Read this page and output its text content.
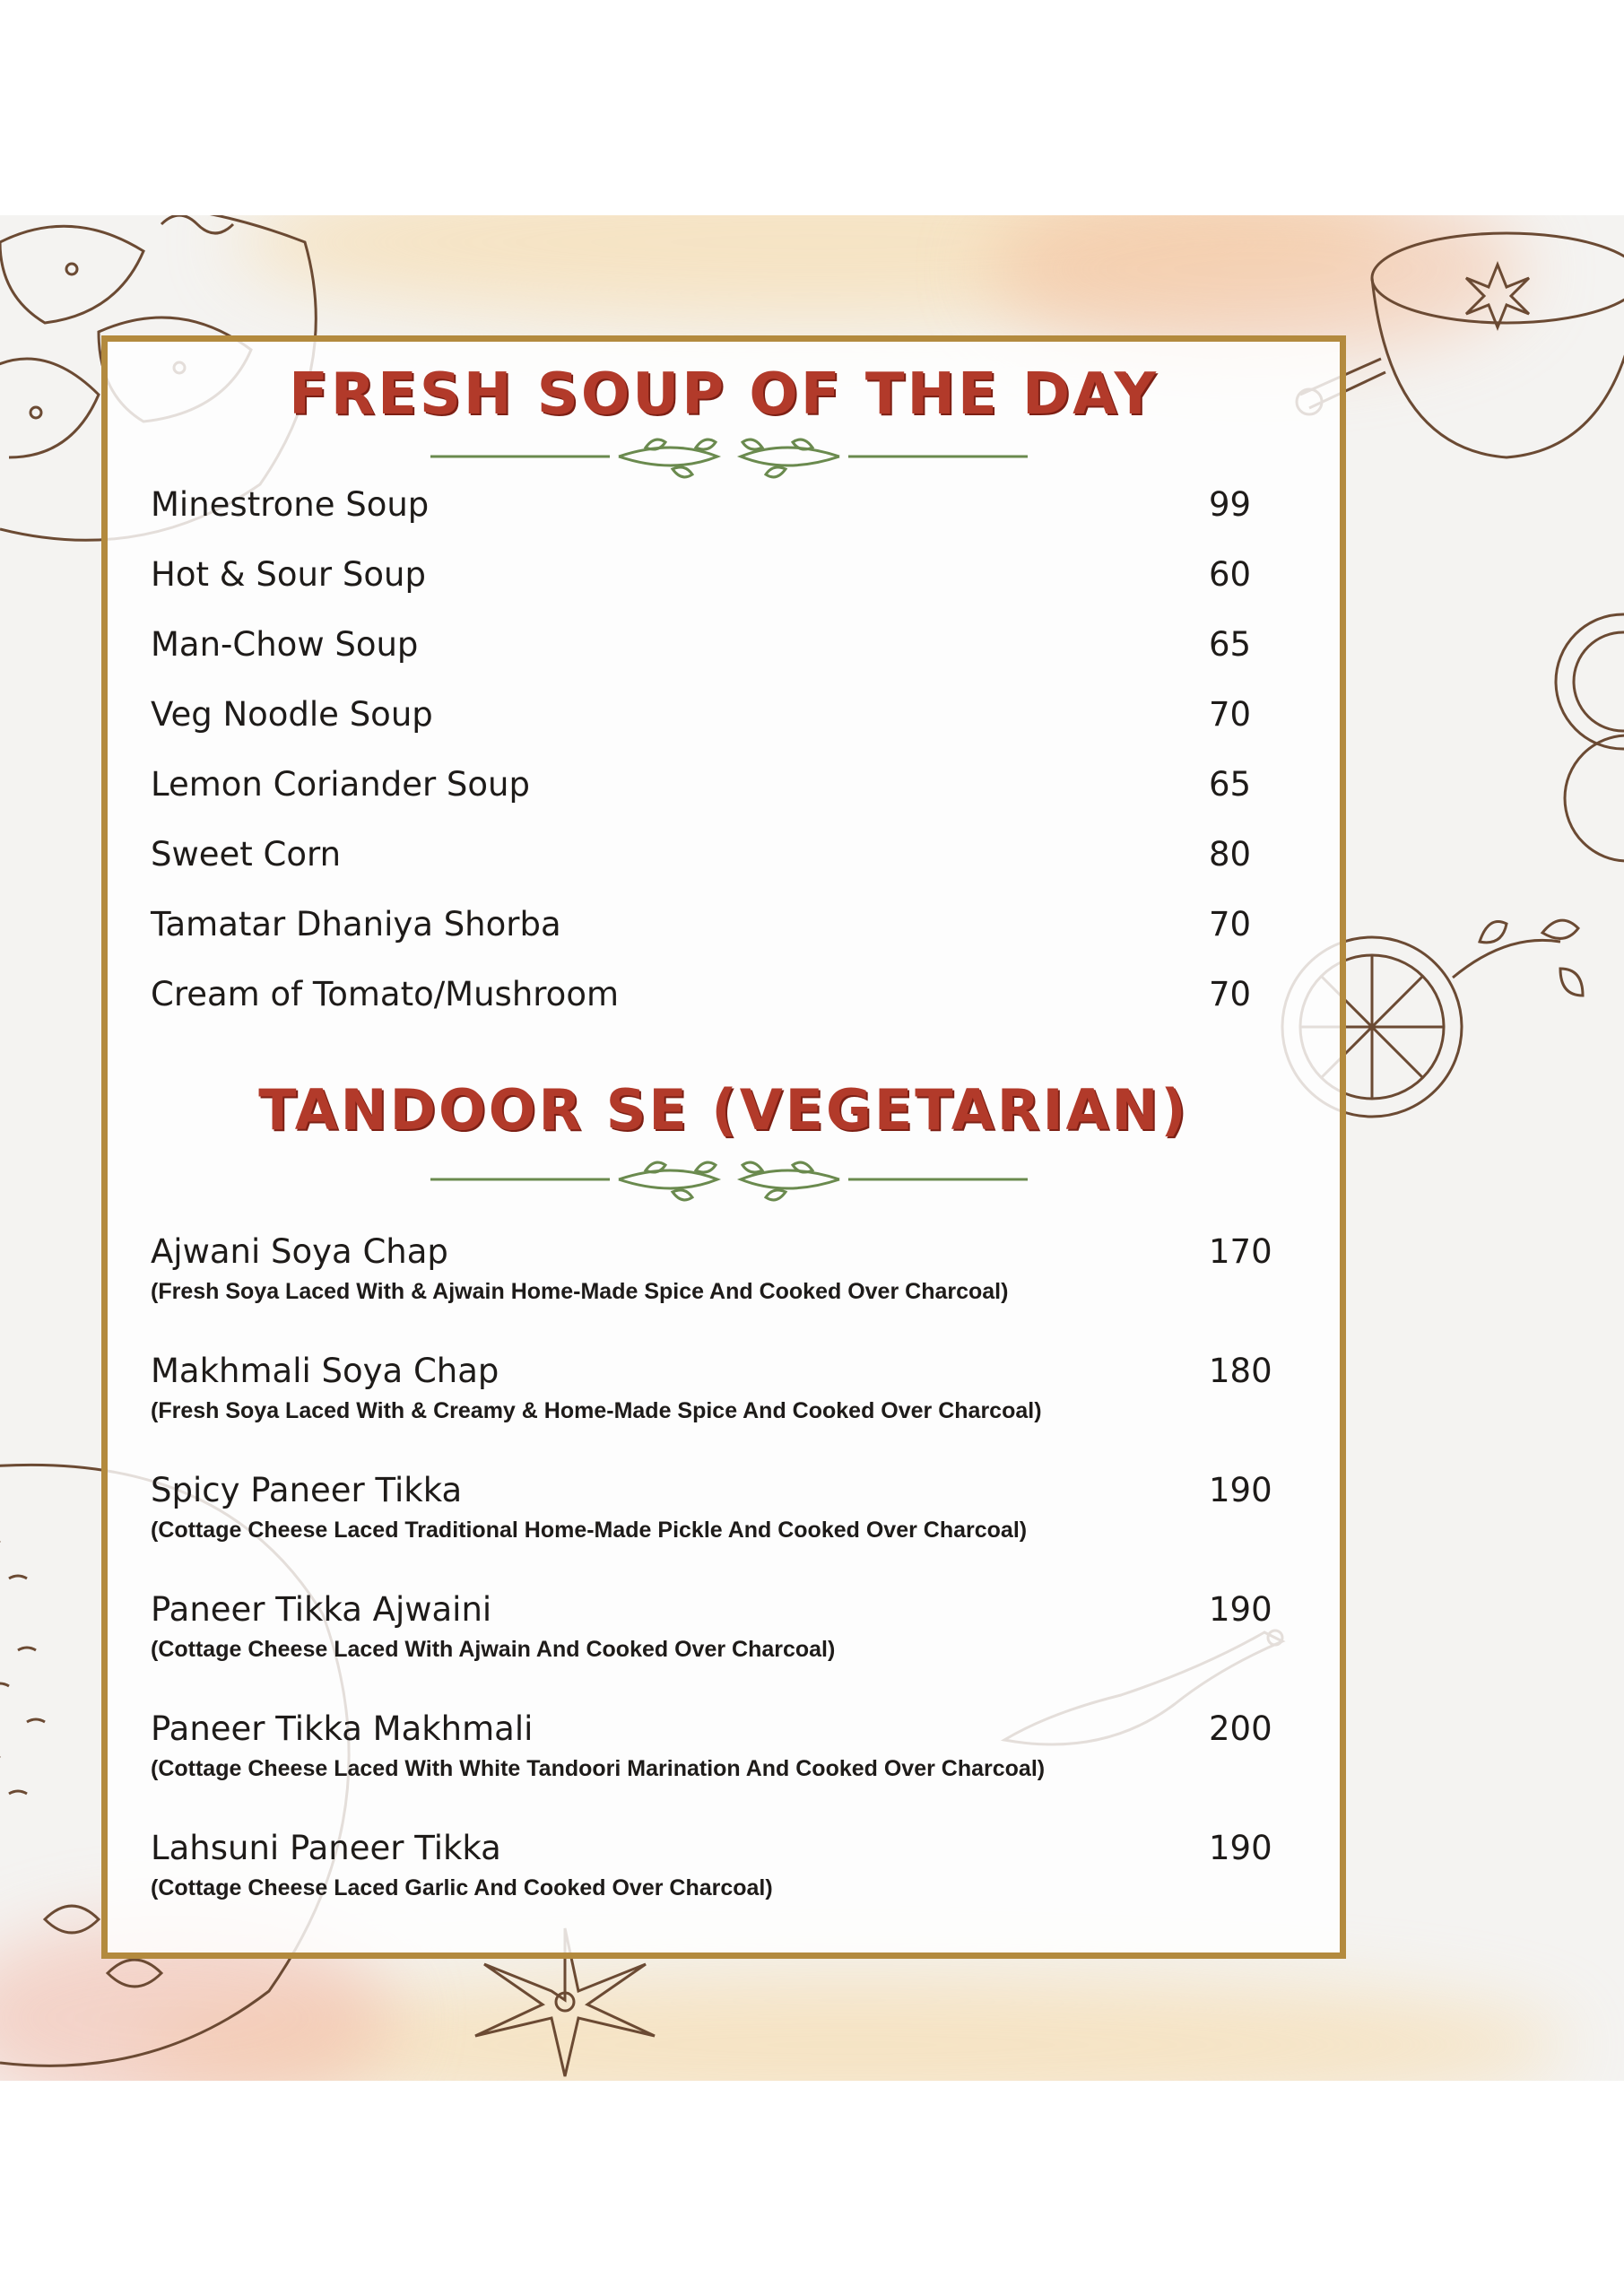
FRESH SOUP OF THE DAY
Minestrone Soup	99
Hot & Sour Soup	60
Man-Chow Soup	65
Veg Noodle Soup	70
Lemon Coriander Soup	65
Sweet Corn	80
Tamatar Dhaniya Shorba	70
Cream of Tomato/Mushroom	70
TANDOOR SE (VEGETARIAN)
Ajwani Soya Chap	170
(Fresh Soya Laced With & Ajwain Home-Made Spice And Cooked Over Charcoal)
Makhmali Soya Chap	180
(Fresh Soya Laced With & Creamy & Home-Made Spice And Cooked Over Charcoal)
Spicy Paneer Tikka	190
(Cottage Cheese Laced Traditional Home-Made Pickle And Cooked Over Charcoal)
Paneer Tikka Ajwaini	190
(Cottage Cheese Laced With Ajwain And Cooked Over Charcoal)
Paneer Tikka Makhmali	200
(Cottage Cheese Laced With White Tandoori Marination And Cooked Over Charcoal)
Lahsuni Paneer Tikka	190
(Cottage Cheese Laced Garlic And Cooked Over Charcoal)
